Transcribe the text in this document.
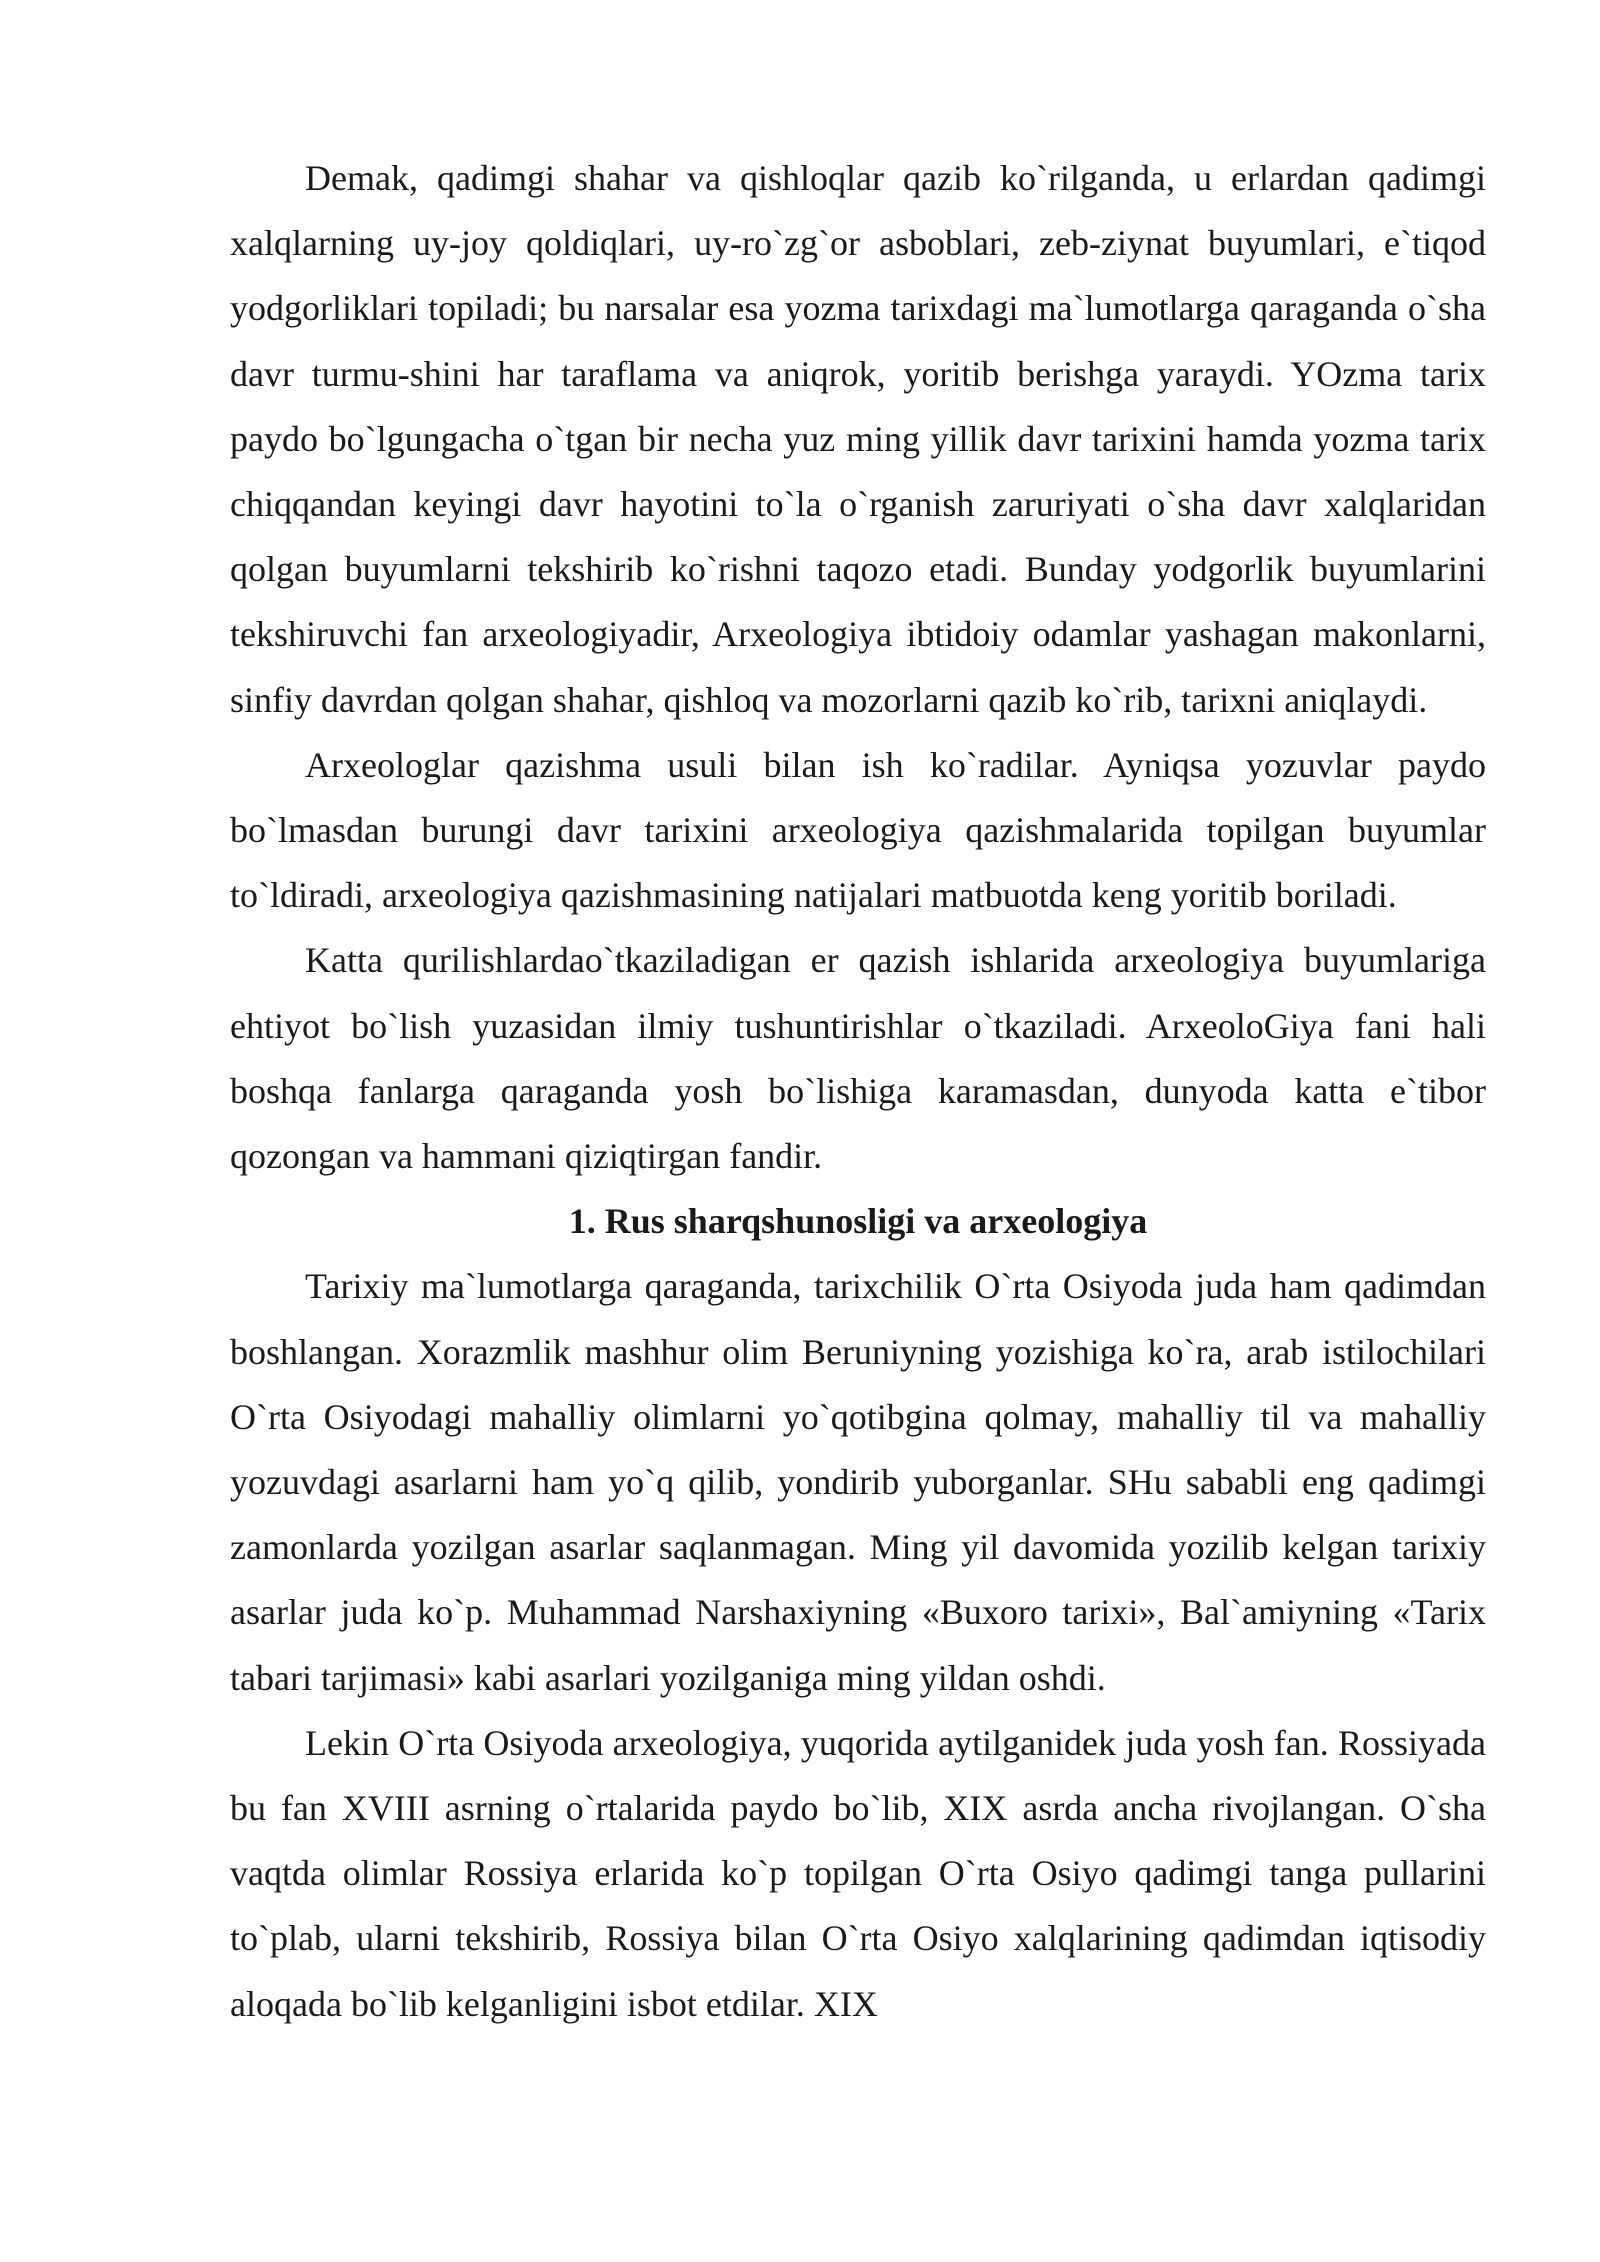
Demak, qadimgi shahar va qishloqlar qazib ko`rilganda, u erlardan qadimgi xalqlarning uy-joy qoldiqlari, uy-ro`zg`or asboblari, zeb-ziynat buyumlari, e`tiqod yodgorliklari topiladi; bu narsalar esa yozma tarixdagi ma`lumotlarga qaraganda o`sha davr turmu-shini har taraflama va aniqrok, yoritib berishga yaraydi. YOzma tarix paydo bo`lgungacha o`tgan bir necha yuz ming yillik davr tarixini hamda yozma tarix chiqqandan keyingi davr hayotini to`la o`rganish zaruriyati o`sha davr xalqlaridan qolgan buyumlarni tekshirib ko`rishni taqozo etadi. Bunday yodgorlik buyumlarini tekshiruvchi fan arxeologiyadir, Arxeologiya ibtidoiy odamlar yashagan makonlarni, sinfiy davrdan qolgan shahar, qishloq va mozorlarni qazib ko`rib, tarixni aniqlaydi.

Arxeologlar qazishma usuli bilan ish ko`radilar. Ayniqsa yozuvlar paydo bo`lmasdan burungi davr tarixini arxeologiya qazishmalarida topilgan buyumlar to`ldiradi, arxeologiya qazishmasining natijalari matbuotda keng yoritib boriladi.

Katta qurilishlardao`tkaziladigan er qazish ishlarida arxeologiya buyumlariga ehtiyot bo`lish yuzasidan ilmiy tushuntirishlar o`tkaziladi. ArxeoloGiya fani hali boshqa fanlarga qaraganda yosh bo`lishiga karamasdan, dunyoda katta e`tibor qozongan va hammani qiziqtirgan fandir.

1. Rus sharqshunosligi va arxeologiya

Tarixiy ma`lumotlarga qaraganda, tarixchilik O`rta Osiyoda juda ham qadimdan boshlangan. Xorazmlik mashhur olim Beruniyning yozishiga ko`ra, arab istilochilari O`rta Osiyodagi mahalliy olimlarni yo`qotibgina qolmay, mahalliy til va mahalliy yozuvdagi asarlarni ham yo`q qilib, yondirib yuborganlar. SHu sababli eng qadimgi zamonlarda yozilgan asarlar saqlanmagan. Ming yil davomida yozilib kelgan tarixiy asarlar juda ko`p. Muhammad Narshaxiyning «Buxoro tarixi», Bal`amiyning «Tarix tabari tarjimasi» kabi asarlari yozilganiga ming yildan oshdi.

Lekin O`rta Osiyoda arxeologiya, yuqorida aytilganidek juda yosh fan. Rossiyada bu fan XVIII asrning o`rtalarida paydo bo`lib, XIX asrda ancha rivojlangan. O`sha vaqtda olimlar Rossiya erlarida ko`p topilgan O`rta Osiyo qadimgi tanga pullarini to`plab, ularni tekshirib, Rossiya bilan O`rta Osiyo xalqlarining qadimdan iqtisodiy aloqada bo`lib kelganligini isbot etdilar. XIX
